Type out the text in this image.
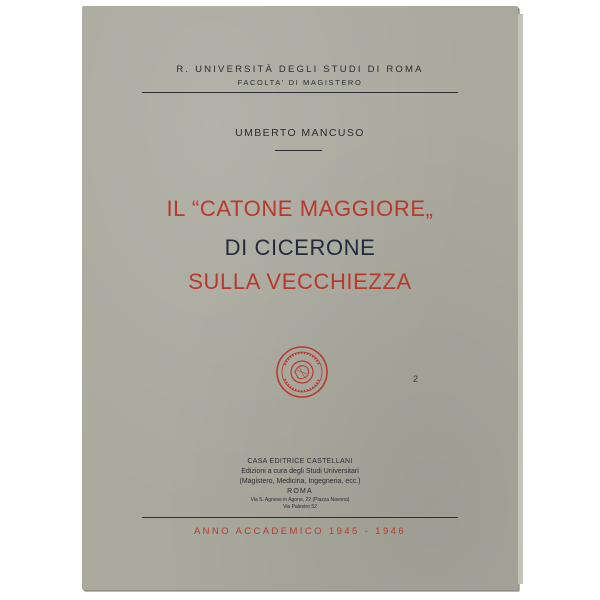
R. UNIVERSITÀ DEGLI STUDI DI ROMA

FACOLTA' DI MAGISTERO

UMBERTO MANCUSO

IL “CATONE MAGGIORE„

DI CICERONE

SULLA VECCHIEZZA

2

CASA EDITRICE CASTELLANI

Edizioni a cura degli Studi Universitari

(Magistero, Medicina, Ingegneria, ecc.)

ROMA

Via S. Agnese in Agone, 22 (Piazza Navona)

Via Palestro 52

ANNO ACCADEMICO 1945 - 1946
